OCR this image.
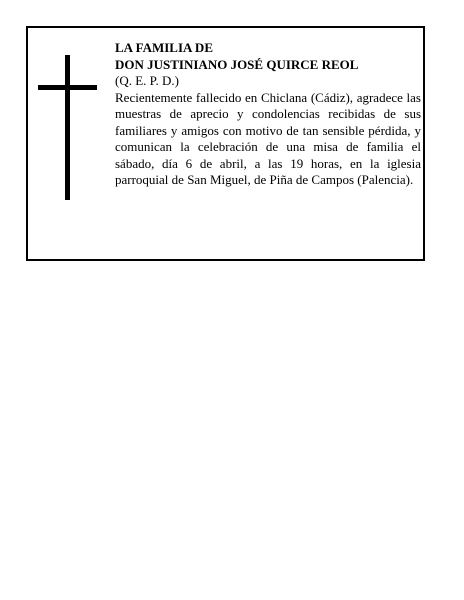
LA FAMILIA DE

DON JUSTINIANO JOSÉ QUIRCE REOL

(Q. E. P. D.)

Recientemente fallecido en Chiclana (Cádiz), agradece las muestras de aprecio y condolencias recibidas de sus familiares y amigos con motivo de tan sensible pérdida, y comunican la celebración de una misa de familia el sábado, día 6 de abril, a las 19 horas, en la iglesia parroquial de San Miguel, de Piña de Campos (Palencia).
